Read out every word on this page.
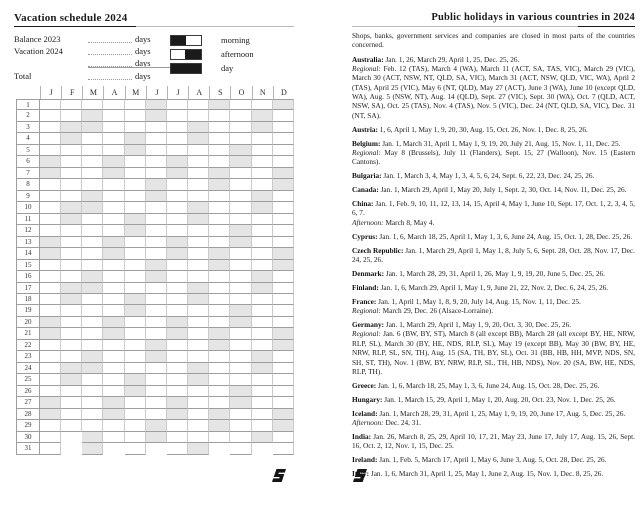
Vacation schedule 2024
Balance 2023	days
Vacation 2024	days
days
Total	days
morning
afternoon
day
J	F	M	A	M	J	J	A	S	O	N	D
1
2
3
4
5
6
7
8
9
10
11
12
13
14
15
16
17
18
19
20
21
22
23
24
25
26
27
28
29
30
31
Public holidays in various countries in 2024

Shops, banks, government services and companies are closed in most parts of the countries concerned.

Australia: Jan. 1, 26, March 29, April 1, 25, Dec. 25, 26.
Regional: Feb. 12 (TAS), March 4 (WA), March 11 (ACT, SA, TAS, VIC), March 29 (VIC), March 30 (ACT, NSW, NT, QLD, SA, VIC), March 31 (ACT, NSW, QLD, VIC, WA), April 2 (TAS), April 25 (VIC), May 6 (NT, QLD), May 27 (ACT), June 3 (WA), June 10 (except QLD, WA), Aug. 5 (NSW, NT), Aug. 14 (QLD), Sept. 27 (VIC), Sept. 30 (WA), Oct. 7 (QLD, ACT, NSW, SA), Oct. 25 (TAS), Nov. 4 (TAS), Nov. 5 (VIC), Dec. 24 (NT, QLD, SA, VIC), Dec. 31 (NT, SA).

Austria: 1, 6, April 1, May 1, 9, 20, 30, Aug. 15, Oct. 26, Nov. 1, Dec. 8, 25, 26.

Belgium: Jan. 1, March 31, April 1, May 1, 9, 19, 20, July 21, Aug. 15, Nov. 1, 11, Dec. 25.
Regional: May 8 (Brussels), July 11 (Flanders), Sept. 15, 27 (Walloon), Nov. 15 (Eastern Cantons).

Bulgaria: Jan. 1, March 3, 4, May 1, 3, 4, 5, 6, 24, Sept. 6, 22, 23, Dec. 24, 25, 26.

Canada: Jan. 1, March 29, April 1, May 20, July 1, Sept. 2, 30, Oct. 14, Nov. 11, Dec. 25, 26.

China: Jan. 1, Feb. 9, 10, 11, 12, 13, 14, 15, April 4, May 1, June 10, Sept. 17, Oct. 1, 2, 3, 4, 5, 6, 7.
Afternoon: March 8, May 4.

Cyprus: Jan. 1, 6, March 18, 25, April 1, May 1, 3, 6, June 24, Aug. 15, Oct. 1, 28, Dec. 25, 26.

Czech Republic: Jan. 1, March 29, April 1, May 1, 8, July 5, 6, Sept. 28, Oct. 28, Nov. 17, Dec. 24, 25, 26.

Denmark: Jan. 1, March 28, 29, 31, April 1, 26, May 1, 9, 19, 20, June 5, Dec. 25, 26.

Finland: Jan. 1, 6, March 29, April 1, May 1, 9, June 21, 22, Nov. 2, Dec. 6, 24, 25, 26.

France: Jan. 1, April 1, May 1, 8, 9, 20, July 14, Aug. 15, Nov. 1, 11, Dec. 25.
Regional: March 29, Dec. 26 (Alsace-Lorraine).

Germany: Jan. 1, March 29, April 1, May 1, 9, 20, Oct. 3, 30, Dec. 25, 26.
Regional: Jan. 6 (BW, BY, ST), March 8 (all except BB), March 28 (all except BY, HE, NRW, RLP, SL), March 30 (BY, HE, NDS, RLP, SL), May 19 (except BB), May 30 (BW, BY, HE, NRW, RLP, SL, SN, TH), Aug. 15 (SA, TH, BY, SL), Oct. 31 (BB, HB, HH, MVP, NDS, SN, SH, ST, TH), Nov. 1 (BW, BY, NRW, RLP, SL, TH, HB, NDS), Nov. 20 (SA, BW, HE, NDS, RLP, TH).

Greece: Jan. 1, 6, March 18, 25, May 1, 3, 6, June 24, Aug. 15, Oct. 28, Dec. 25, 26.

Hungary: Jan. 1, March 15, 29, April 1, May 1, 20, Aug. 20, Oct. 23, Nov. 1, Dec. 25, 26.

Iceland: Jan. 1, March 28, 29, 31, April 1, 25, May 1, 9, 19, 20, June 17, Aug. 5, Dec. 25, 26.
Afternoon: Dec. 24, 31.

India: Jan. 26, March 8, 25, 29, April 10, 17, 21, May 23, June 17, July 17, Aug. 15, 26, Sept. 16, Oct. 2, 12, Nov. 1, 15, Dec. 25.

Ireland: Jan. 1, Feb. 5, March 17, April 1, May 6, June 3, Aug. 5, Oct. 28, Dec. 25, 26.

Italy: Jan. 1, 6, March 31, April 1, 25, May 1, June 2, Aug. 15, Nov. 1, Dec. 8, 25, 26.
